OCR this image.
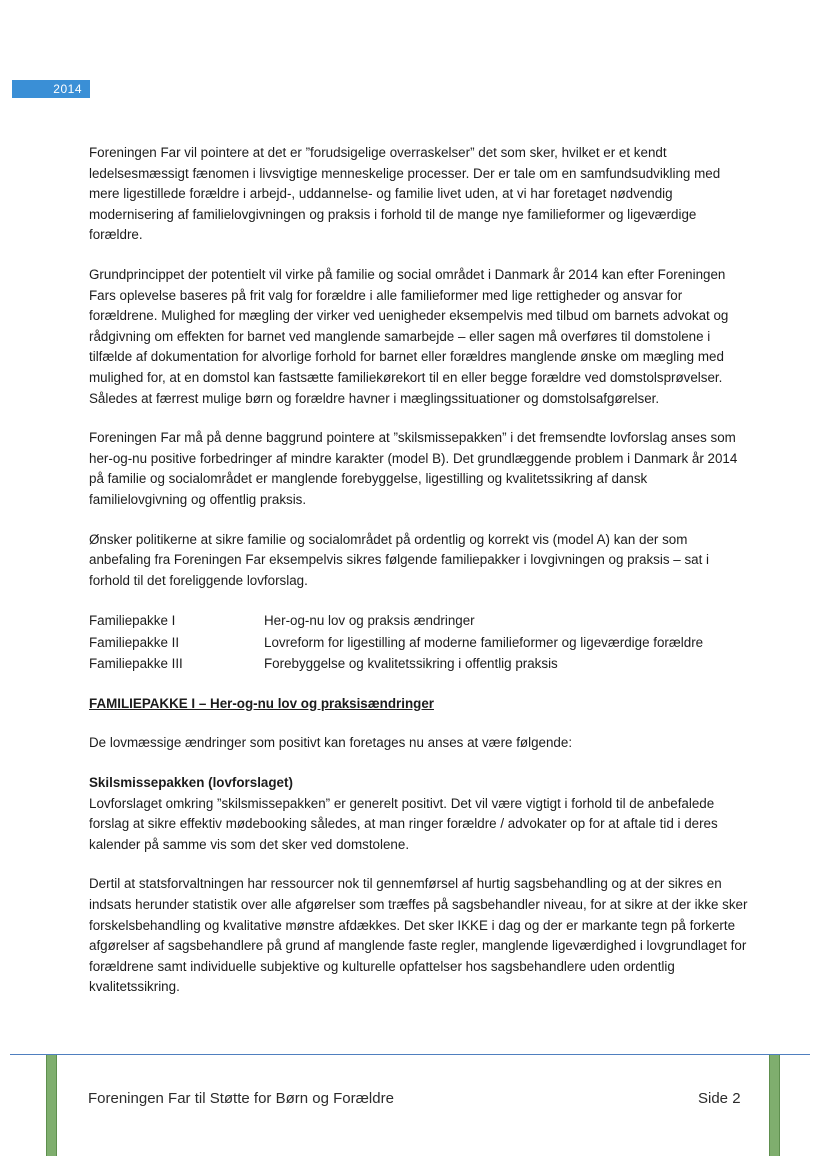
2014

Foreningen Far vil pointere at det er ”forudsigelige overraskelser” det som sker, hvilket er et kendt ledelsesmæssigt fænomen i livsvigtige menneskelige processer. Der er tale om en samfundsudvikling med mere ligestillede forældre i arbejd-, uddannelse- og familie livet uden, at vi har foretaget nødvendig modernisering af familielovgivningen og praksis i forhold til de mange nye familieformer og ligeværdige forældre.

Grundprincippet der potentielt vil virke på familie og social området i Danmark år 2014 kan efter Foreningen Fars oplevelse baseres på frit valg for forældre i alle familieformer med lige rettigheder og ansvar for forældrene. Mulighed for mægling der virker ved uenigheder eksempelvis med tilbud om barnets advokat og rådgivning om effekten for barnet ved manglende samarbejde – eller sagen må overføres til domstolene i tilfælde af dokumentation for alvorlige forhold for barnet eller forældres manglende ønske om mægling med mulighed for, at en domstol kan fastsætte familiekørekort til en eller begge forældre ved domstolsprøvelser. Således at færrest mulige børn og forældre havner i mæglingssituationer og domstolsafgørelser.

Foreningen Far må på denne baggrund pointere at ”skilsmissepakken” i det fremsendte lovforslag anses som her-og-nu positive forbedringer af mindre karakter (model B). Det grundlæggende problem i Danmark år 2014 på familie og socialområdet er manglende forebyggelse, ligestilling og kvalitetssikring af dansk familielovgivning og offentlig praksis.

Ønsker politikerne at sikre familie og socialområdet på ordentlig og korrekt vis (model A) kan der som anbefaling fra Foreningen Far eksempelvis sikres følgende familiepakker i lovgivningen og praksis – sat i forhold til det foreliggende lovforslag.

Familiepakke I	Her-og-nu lov og praksis ændringer
Familiepakke II	Lovreform for ligestilling af moderne familieformer og ligeværdige forældre
Familiepakke III	Forebyggelse og kvalitetssikring i offentlig praksis

FAMILIEPAKKE I – Her-og-nu lov og praksisændringer

De lovmæssige ændringer som positivt kan foretages nu anses at være følgende:

Skilsmissepakken (lovforslaget)

Lovforslaget omkring ”skilsmissepakken” er generelt positivt. Det vil være vigtigt i forhold til de anbefalede forslag at sikre effektiv mødebooking således, at man ringer forældre / advokater op for at aftale tid i deres kalender på samme vis som det sker ved domstolene.

Dertil at statsforvaltningen har ressourcer nok til gennemførsel af hurtig sagsbehandling og at der sikres en indsats herunder statistik over alle afgørelser som træffes på sagsbehandler niveau, for at sikre at der ikke sker forskelsbehandling og kvalitative mønstre afdækkes. Det sker IKKE i dag og der er markante tegn på forkerte afgørelser af sagsbehandlere på grund af manglende faste regler, manglende ligeværdighed i lovgrundlaget for forældrene samt individuelle subjektive og kulturelle opfattelser hos sagsbehandlere uden ordentlig kvalitetssikring.

Foreningen Far til Støtte for Børn og Forældre	Side 2
